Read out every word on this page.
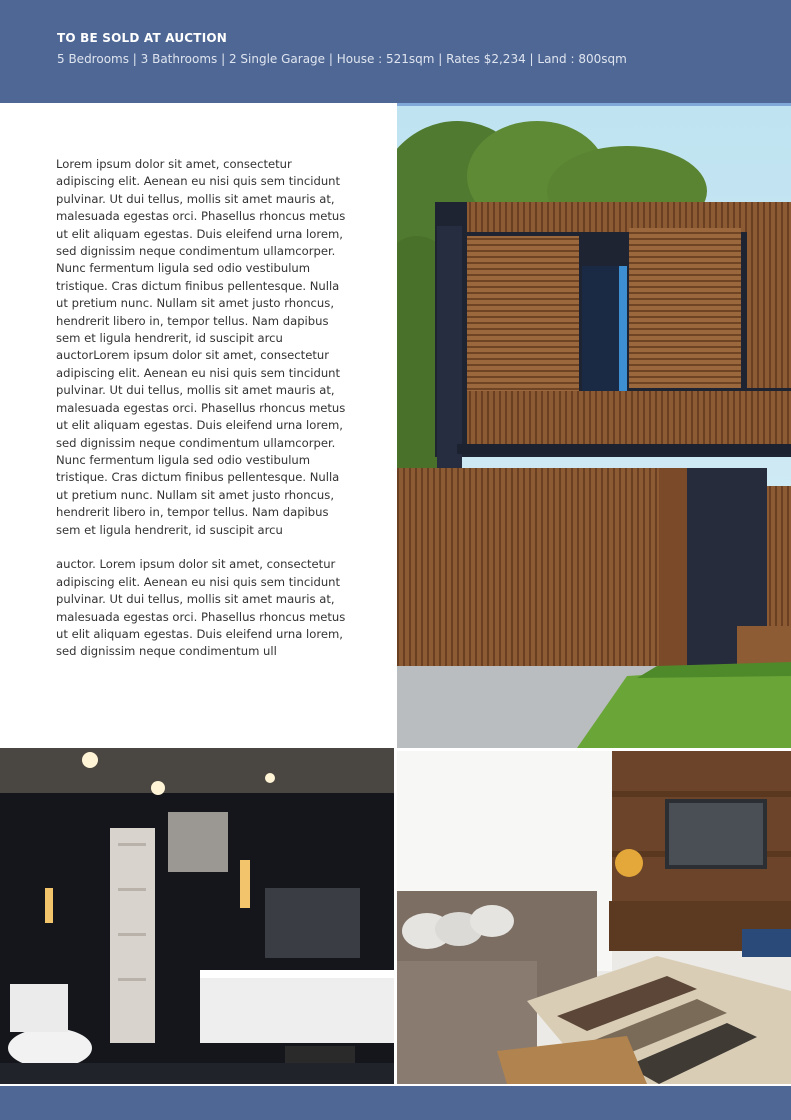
TO BE SOLD AT AUCTION
5 Bedrooms | 3 Bathrooms | 2 Single Garage | House : 521sqm | Rates $2,234 | Land : 800sqm

Lorem ipsum dolor sit amet, consectetur adipiscing elit. Aenean eu nisi quis sem tincidunt pulvinar. Ut dui tellus, mollis sit amet mauris at, malesuada egestas orci. Phasellus rhoncus metus ut elit aliquam egestas. Duis eleifend urna lorem, sed dignissim neque condimentum ullamcorper. Nunc fermentum ligula sed odio vestibulum tristique. Cras dictum finibus pellentesque. Nulla ut pretium nunc. Nullam sit amet justo rhoncus, hendrerit libero in, tempor tellus. Nam dapibus sem et ligula hendrerit, id suscipit arcu auctorLorem ipsum dolor sit amet, consectetur adipiscing elit. Aenean eu nisi quis sem tincidunt pulvinar. Ut dui tellus, mollis sit amet mauris at, malesuada egestas orci. Phasellus rhoncus metus ut elit aliquam egestas. Duis eleifend urna lorem, sed dignissim neque condimentum ullamcorper. Nunc fermentum ligula sed odio vestibulum tristique. Cras dictum finibus pellentesque. Nulla ut pretium nunc. Nullam sit amet justo rhoncus, hendrerit libero in, tempor tellus. Nam dapibus sem et ligula hendrerit, id suscipit arcu

auctor. Lorem ipsum dolor sit amet, consectetur adipiscing elit. Aenean eu nisi quis sem tincidunt pulvinar. Ut dui tellus, mollis sit amet mauris at, malesuada egestas orci. Phasellus rhoncus metus ut elit aliquam egestas. Duis eleifend urna lorem, sed dignissim neque condimentum ull
